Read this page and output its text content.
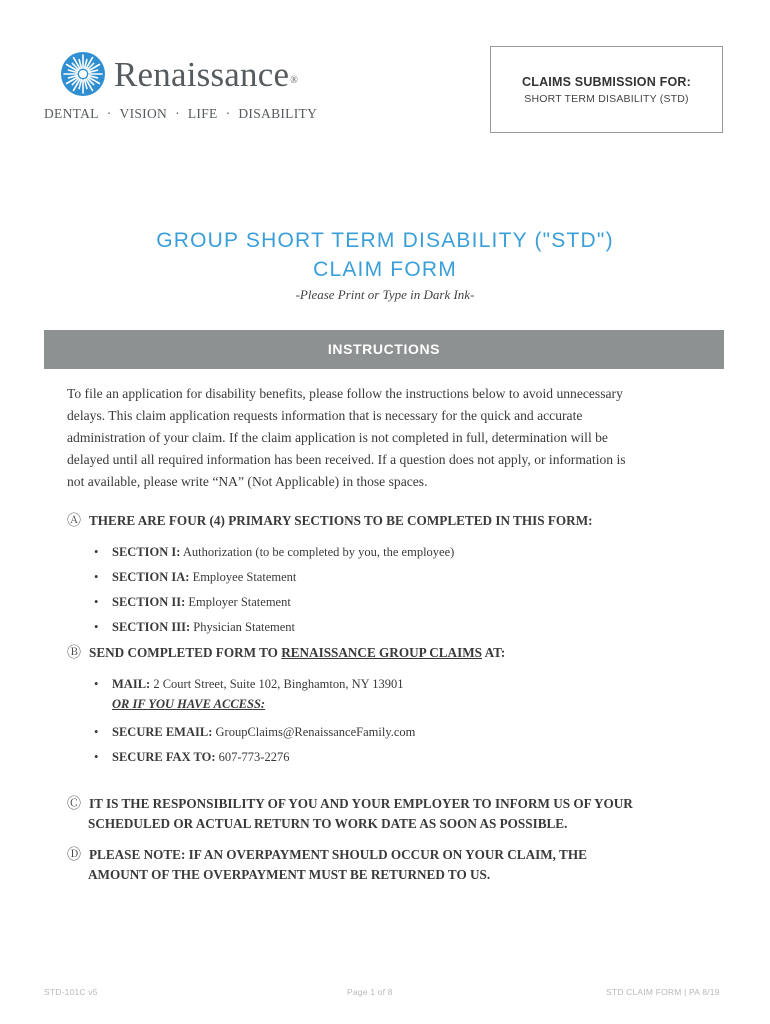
Renaissance ®
DENTAL · VISION · LIFE · DISABILITY
CLAIMS SUBMISSION FOR:
SHORT TERM DISABILITY (STD)
GROUP SHORT TERM DISABILITY ("STD")
CLAIM FORM
-Please Print or Type in Dark Ink-
INSTRUCTIONS

To file an application for disability benefits, please follow the instructions below to avoid unnecessary

delays. This claim application requests information that is necessary for the quick and accurate

administration of your claim. If the claim application is not completed in full, determination will be

delayed until all required information has been received. If a question does not apply, or information is

not available, please write “NA” (Not Applicable) in those spaces.

Ⓐ THERE ARE FOUR (4) PRIMARY SECTIONS TO BE COMPLETED IN THIS FORM:
• SECTION I: Authorization (to be completed by you, the employee)
• SECTION IA: Employee Statement
• SECTION II: Employer Statement
• SECTION III: Physician Statement
Ⓑ SEND COMPLETED FORM TO RENAISSANCE GROUP CLAIMS AT:
• MAIL: 2 Court Street, Suite 102, Binghamton, NY 13901
OR IF YOU HAVE ACCESS:
• SECURE EMAIL: GroupClaims@RenaissanceFamily.com
• SECURE FAX TO: 607-773-2276
Ⓒ IT IS THE RESPONSIBILITY OF YOU AND YOUR EMPLOYER TO INFORM US OF YOUR
SCHEDULED OR ACTUAL RETURN TO WORK DATE AS SOON AS POSSIBLE.
Ⓓ PLEASE NOTE: IF AN OVERPAYMENT SHOULD OCCUR ON YOUR CLAIM, THE
AMOUNT OF THE OVERPAYMENT MUST BE RETURNED TO US.
STD-101C v5	Page 1 of 8	STD CLAIM FORM | PA 8/19
